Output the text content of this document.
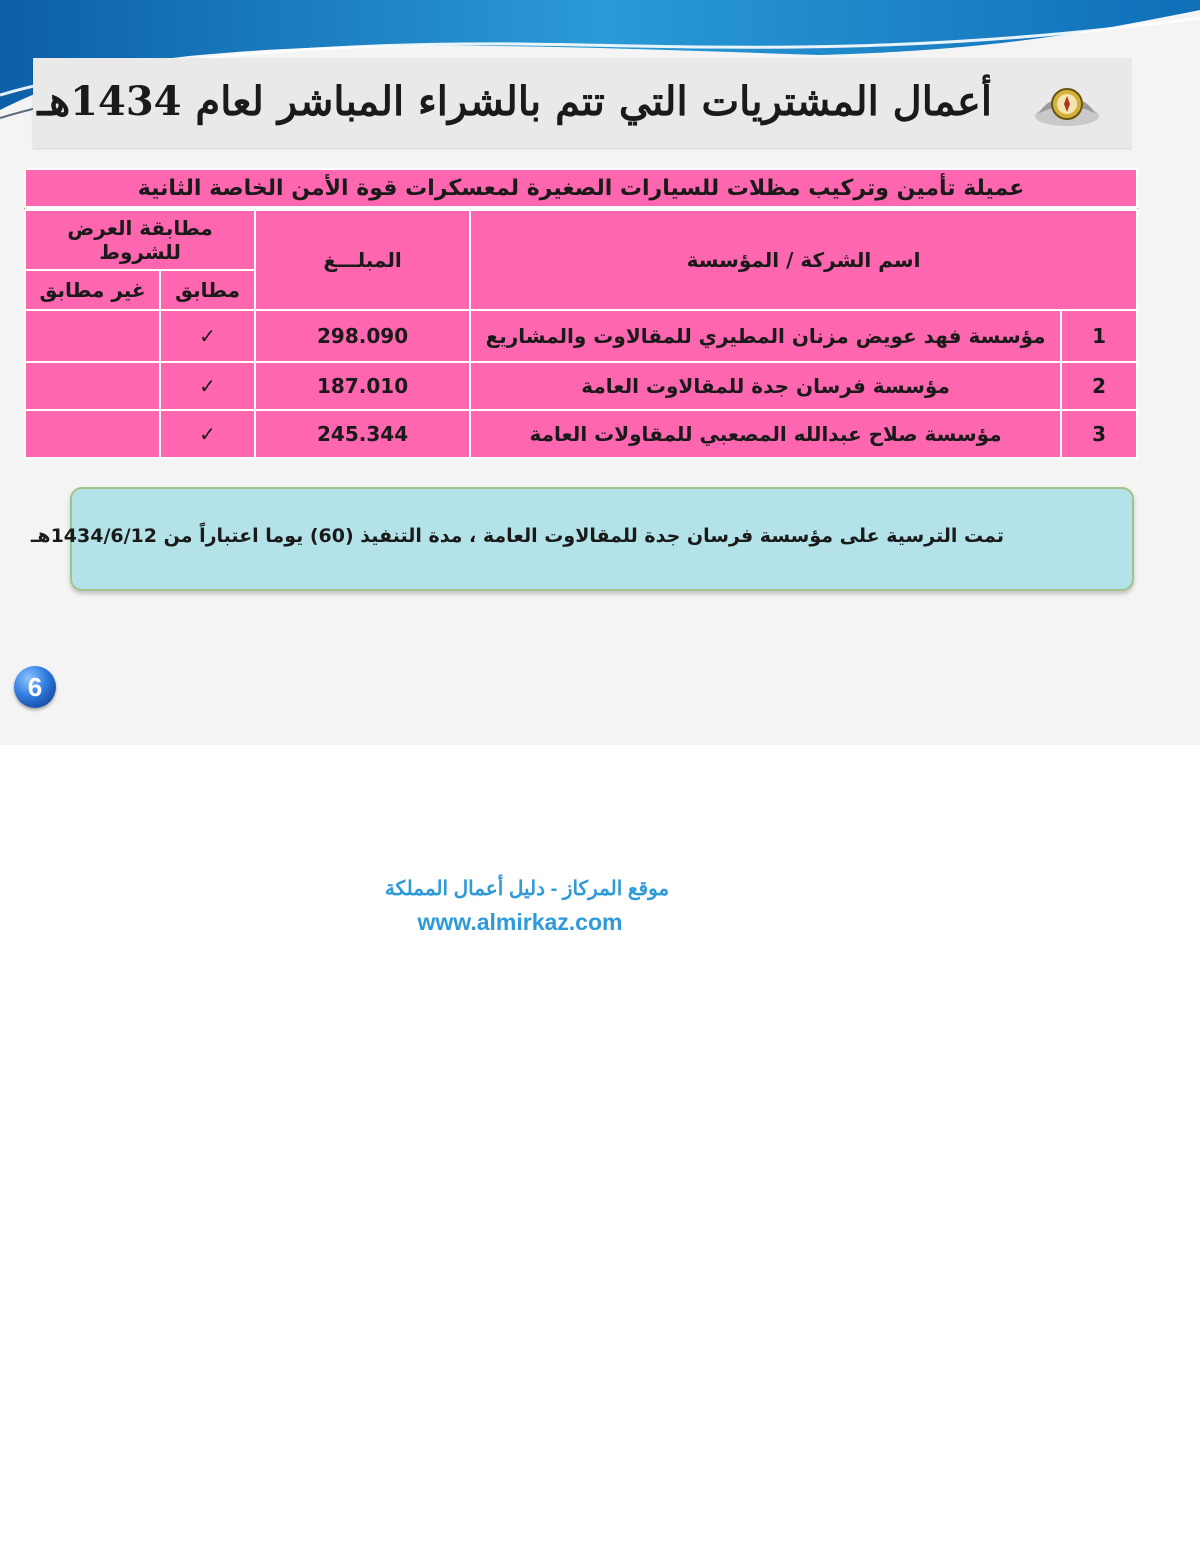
أعمال المشتريات التي تتم بالشراء المباشر لعام 1434هـ
عميلة تأمين وتركيب مظلات للسيارات الصغيرة لمعسكرات قوة الأمن الخاصة الثانية				

اسم الشركة / المؤسسة		المبلـــغ	مطابقة العرض للشروط	
			مطابق	غير مطابق
1	مؤسسة فهد عويض مزنان المطيري للمقالاوت والمشاريع	298.090	✓	
2	مؤسسة فرسان جدة للمقالاوت العامة	187.010	✓	
3	مؤسسة صلاح عبدالله المصعبي للمقاولات العامة	245.344	✓	
تمت الترسية على مؤسسة فرسان جدة للمقالاوت العامة ، مدة التنفيذ (60) يوما اعتباراً من 1434/6/12هـ
6
موقع المركاز - دليل أعمال المملكة
www.almirkaz.com
